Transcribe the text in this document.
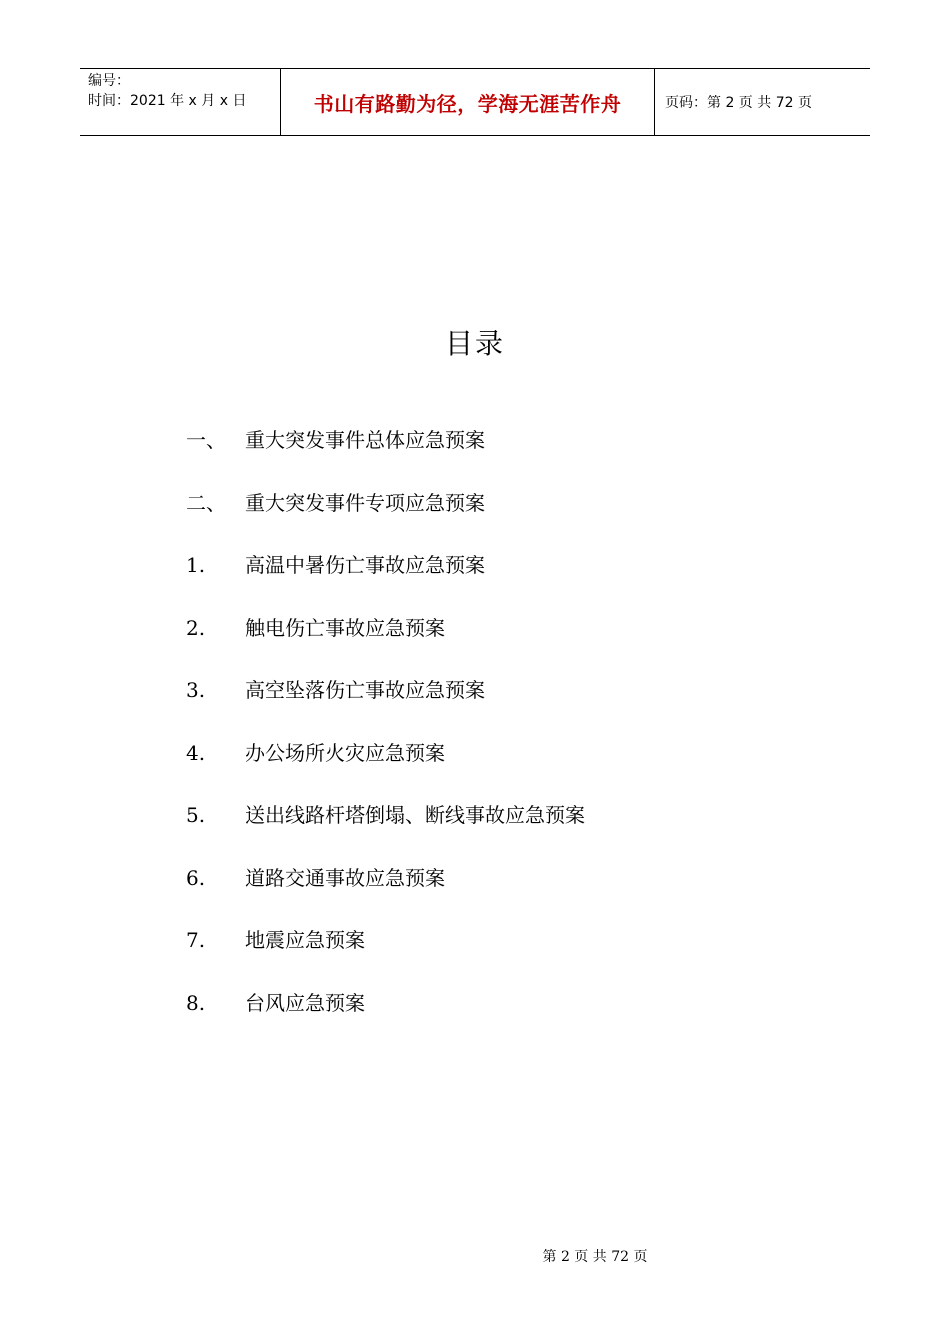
编号：
时间：2021 年 x 月 x 日	书山有路勤为径，学海无涯苦作舟	页码：第 2 页 共 72 页
目录
一、 重大突发事件总体应急预案
二、 重大突发事件专项应急预案
1.	高温中暑伤亡事故应急预案
2.	触电伤亡事故应急预案
3.	高空坠落伤亡事故应急预案
4.	办公场所火灾应急预案
5.	送出线路杆塔倒塌、断线事故应急预案
6.	道路交通事故应急预案
7.	地震应急预案
8.	台风应急预案
第 2 页 共 72 页
